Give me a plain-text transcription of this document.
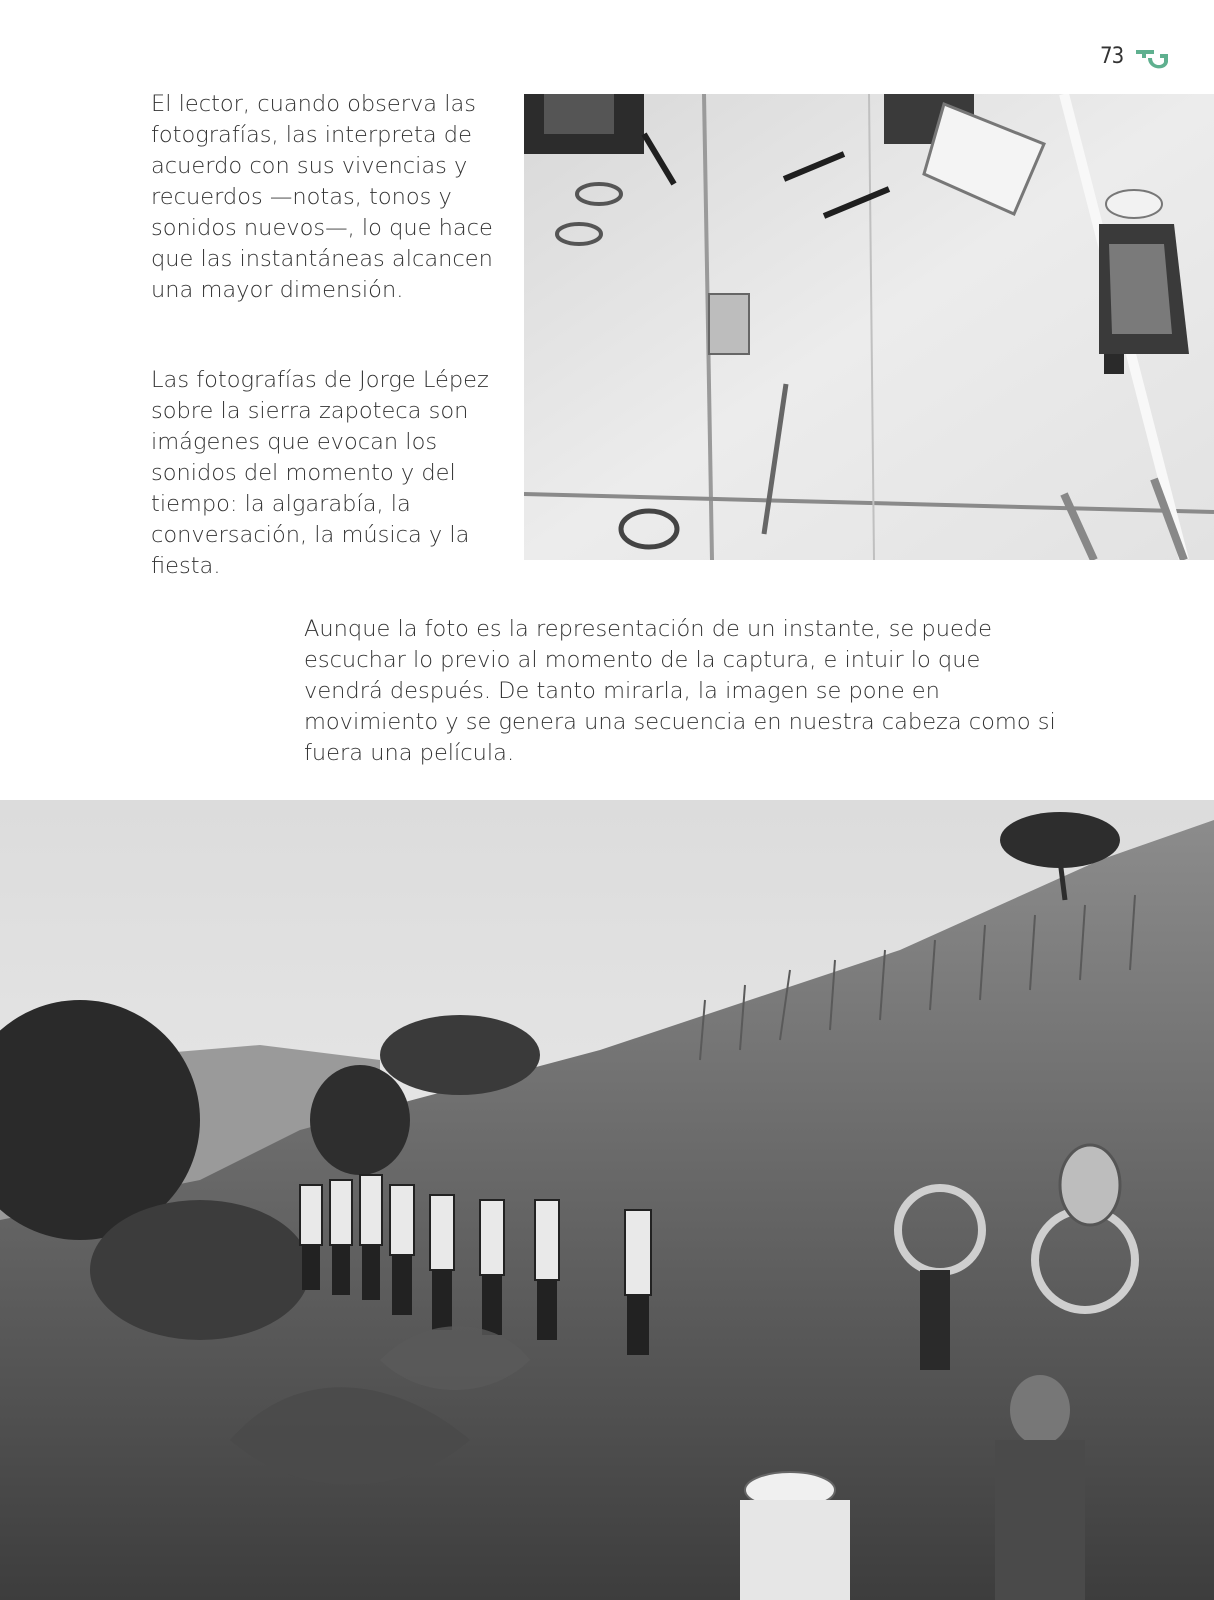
73

El lector, cuando observa las fotografías, las interpreta de acuerdo con sus vivencias y recuerdos —notas, tonos y sonidos nuevos—, lo que hace que las instantáneas alcancen una mayor dimensión.

Las fotografías de Jorge Lépez sobre la sierra zapoteca son imágenes que evocan los sonidos del momento y del tiempo: la algarabía, la conversación, la música y la fiesta.

Aunque la foto es la representación de un instante, se puede escuchar lo previo al momento de la captura, e intuir lo que vendrá después. De tanto mirarla, la imagen se pone en movimiento y se genera una secuencia en nuestra cabeza como si fuera una película.
